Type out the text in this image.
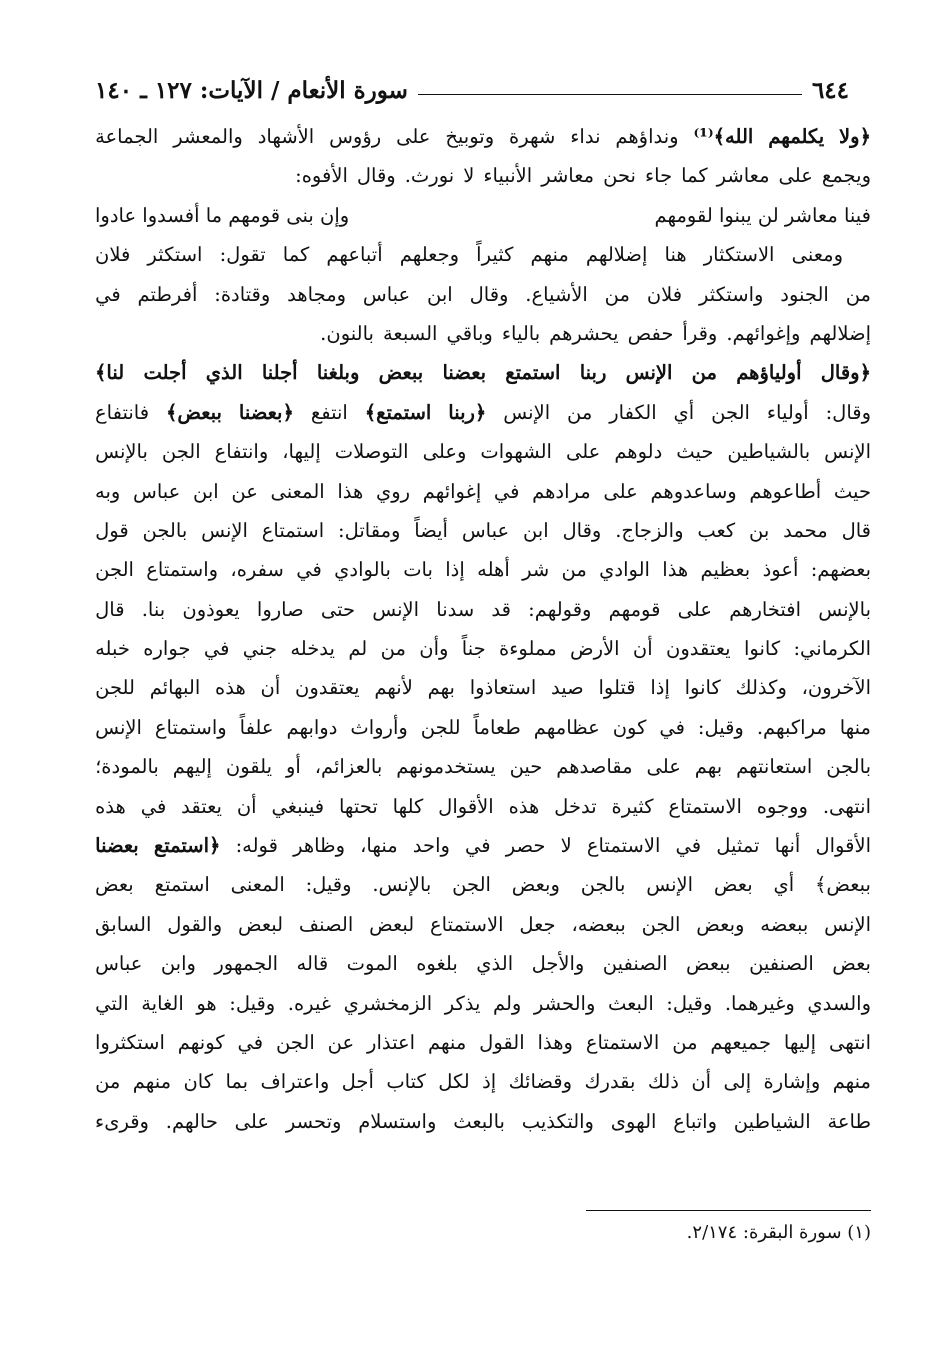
٦٤٤
سورة الأنعام / الآيات: ١٢٧ ـ ١٤٠
﴿ولا
يكلمهم
الله﴾⁽¹⁾
ونداؤهم
نداء
شهرة
وتوبيخ
على
رؤوس
الأشهاد
والمعشر
الجماعة
ويجمع
على
معاشر
كما
جاء
نحن
معاشر
الأنبياء
لا
نورث.
وقال
الأفوه:
فينا معاشر لن يبنوا لقومهم
وإن بنى قومهم ما أفسدوا عادوا
ومعنى
الاستكثار
هنا
إضلالهم
منهم
كثيراً
وجعلهم
أتباعهم
كما
تقول:
استكثر
فلان
من
الجنود
واستكثر
فلان
من
الأشياع.
وقال
ابن
عباس
ومجاهد
وقتادة:
أفرطتم
في
إضلالهم
وإغوائهم.
وقرأ
حفص
يحشرهم
بالياء
وباقي
السبعة
بالنون.
﴿وقال
أولياؤهم
من
الإنس
ربنا
استمتع
بعضنا
ببعض
وبلغنا
أجلنا
الذي
أجلت
لنا﴾
وقال:
أولياء
الجن
أي
الكفار
من
الإنس
﴿ربنا
استمتع﴾
انتفع
﴿بعضنا
ببعض﴾
فانتفاع
الإنس
بالشياطين
حيث
دلوهم
على
الشهوات
وعلى
التوصلات
إليها،
وانتفاع
الجن
بالإنس
حيث
أطاعوهم
وساعدوهم
على
مرادهم
في
إغوائهم
روي
هذا
المعنى
عن
ابن
عباس
وبه
قال
محمد
بن
كعب
والزجاج.
وقال
ابن
عباس
أيضاً
ومقاتل:
استمتاع
الإنس
بالجن
قول
بعضهم:
أعوذ
بعظيم
هذا
الوادي
من
شر
أهله
إذا
بات
بالوادي
في
سفره،
واستمتاع
الجن
بالإنس
افتخارهم
على
قومهم
وقولهم:
قد
سدنا
الإنس
حتى
صاروا
يعوذون
بنا.
قال
الكرماني:
كانوا
يعتقدون
أن
الأرض
مملوءة
جناً
وأن
من
لم
يدخله
جني
في
جواره
خبله
الآخرون،
وكذلك
كانوا
إذا
قتلوا
صيد
استعاذوا
بهم
لأنهم
يعتقدون
أن
هذه
البهائم
للجن
منها
مراكبهم.
وقيل:
في
كون
عظامهم
طعاماً
للجن
وأرواث
دوابهم
علفاً
واستمتاع
الإنس
بالجن
استعانتهم
بهم
على
مقاصدهم
حين
يستخدمونهم
بالعزائم،
أو
يلقون
إليهم
بالمودة؛
انتهى.
ووجوه
الاستمتاع
كثيرة
تدخل
هذه
الأقوال
كلها
تحتها
فينبغي
أن
يعتقد
في
هذه
الأقوال
أنها
تمثيل
في
الاستمتاع
لا
حصر
في
واحد
منها،
وظاهر
قوله:
﴿استمتع
بعضنا
ببعض﴾
أي
بعض
الإنس
بالجن
وبعض
الجن
بالإنس.
وقيل:
المعنى
استمتع
بعض
الإنس
ببعضه
وبعض
الجن
ببعضه،
جعل
الاستمتاع
لبعض
الصنف
لبعض
والقول
السابق
بعض
الصنفين
ببعض
الصنفين
والأجل
الذي
بلغوه
الموت
قاله
الجمهور
وابن
عباس
والسدي
وغيرهما.
وقيل:
البعث
والحشر
ولم
يذكر
الزمخشري
غيره.
وقيل:
هو
الغاية
التي
انتهى
إليها
جميعهم
من
الاستمتاع
وهذا
القول
منهم
اعتذار
عن
الجن
في
كونهم
استكثروا
منهم
وإشارة
إلى
أن
ذلك
بقدرك
وقضائك
إذ
لكل
كتاب
أجل
واعتراف
بما
كان
منهم
من
طاعة
الشياطين
واتباع
الهوى
والتكذيب
بالبعث
واستسلام
وتحسر
على
حالهم.
وقرىء
(١) سورة البقرة: ٢/١٧٤.
